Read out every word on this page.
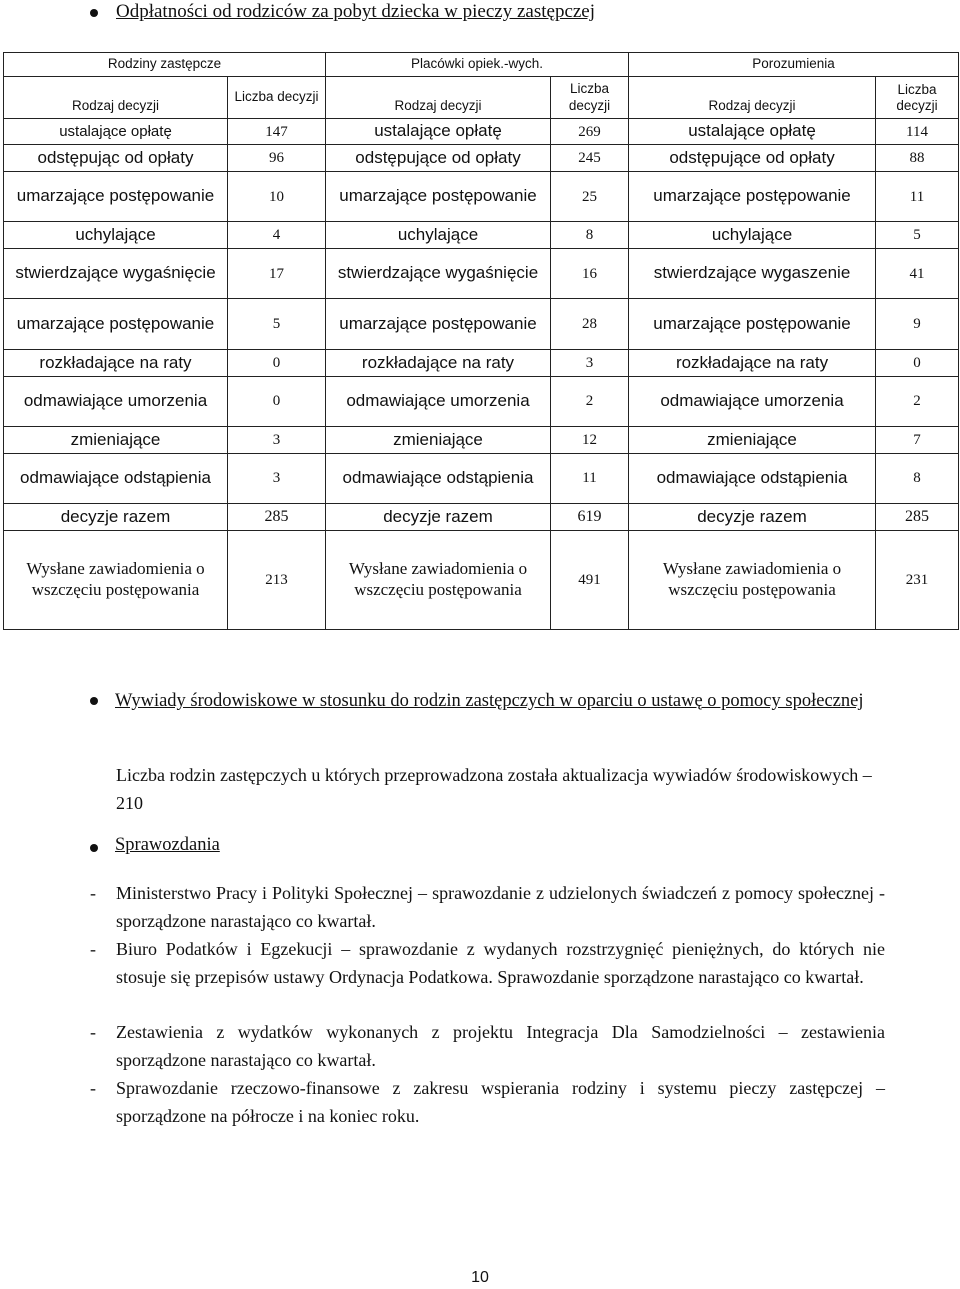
Odpłatności od rodziców za pobyt dziecka w pieczy zastępczej
Rodziny zastępcze		Placówki opiek.-wych.		Porozumienia	
Rodzaj decyzji	Liczba decyzji	Rodzaj decyzji	Liczba decyzji	Rodzaj decyzji	Liczba decyzji
ustalające opłatę	147	ustalające opłatę	269	ustalające opłatę	114
odstępując od opłaty	96	odstępujące od opłaty	245	odstępujące od opłaty	88
umarzające postępowanie	10	umarzające postępowanie	25	umarzające postępowanie	11
uchylające	4	uchylające	8	uchylające	5
stwierdzające wygaśnięcie	17	stwierdzające wygaśnięcie	16	stwierdzające wygaszenie	41
umarzające postępowanie	5	umarzające postępowanie	28	umarzające postępowanie	9
rozkładające na raty	0	rozkładające na raty	3	rozkładające na raty	0
odmawiające umorzenia	0	odmawiające umorzenia	2	odmawiające umorzenia	2
zmieniające	3	zmieniające	12	zmieniające	7
odmawiające odstąpienia	3	odmawiające odstąpienia	11	odmawiające odstąpienia	8
decyzje razem	285	decyzje razem	619	decyzje razem	285
Wysłane zawiadomienia o wszczęciu postępowania	213	Wysłane zawiadomienia o wszczęciu postępowania	491	Wysłane zawiadomienia o wszczęciu postępowania	231
Wywiady środowiskowe w stosunku do rodzin zastępczych w oparciu o ustawę o pomocy społecznej
Liczba rodzin zastępczych u których przeprowadzona została aktualizacja wywiadów środowiskowych – 210
Sprawozdania
-	Ministerstwo Pracy i Polityki Społecznej – sprawozdanie z udzielonych świadczeń z pomocy społecznej - sporządzone narastająco co kwartał.
-	Biuro Podatków i Egzekucji – sprawozdanie z wydanych rozstrzygnięć pieniężnych, do których nie stosuje się przepisów ustawy Ordynacja Podatkowa. Sprawozdanie sporządzone narastająco co kwartał.
-	Zestawienia z wydatków wykonanych z projektu Integracja Dla Samodzielności – zestawienia sporządzone narastająco co kwartał.
-	Sprawozdanie rzeczowo-finansowe z zakresu wspierania rodziny i systemu pieczy zastępczej – sporządzone na półrocze i na koniec roku.
10
